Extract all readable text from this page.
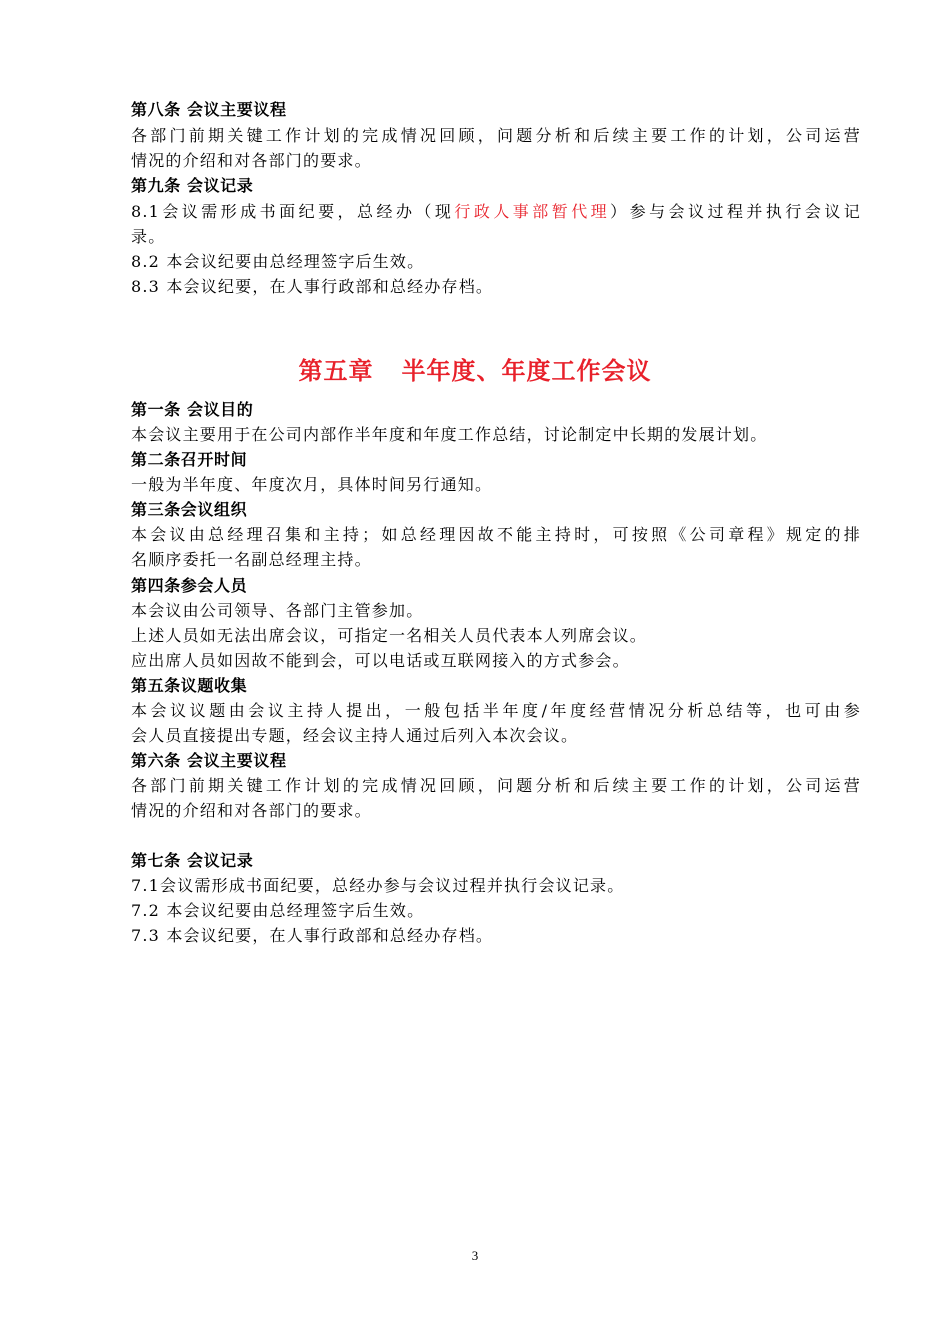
第八条 会议主要议程
各部门前期关键工作计划的完成情况回顾，问题分析和后续主要工作的计划，公司运营
情况的介绍和对各部门的要求。
第九条 会议记录
8.1会议需形成书面纪要，总经办（现行政人事部暂代理）参与会议过程并执行会议记
录。
8.2 本会议纪要由总经理签字后生效。
8.3 本会议纪要，在人事行政部和总经办存档。
第五章 半年度、年度工作会议
第一条 会议目的
本会议主要用于在公司内部作半年度和年度工作总结，讨论制定中长期的发展计划。
第二条召开时间
一般为半年度、年度次月，具体时间另行通知。
第三条会议组织
本会议由总经理召集和主持；如总经理因故不能主持时，可按照《公司章程》规定的排
名顺序委托一名副总经理主持。
第四条参会人员
本会议由公司领导、各部门主管参加。
上述人员如无法出席会议，可指定一名相关人员代表本人列席会议。
应出席人员如因故不能到会，可以电话或互联网接入的方式参会。
第五条议题收集
本会议议题由会议主持人提出，一般包括半年度/年度经营情况分析总结等，也可由参
会人员直接提出专题，经会议主持人通过后列入本次会议。
第六条 会议主要议程
各部门前期关键工作计划的完成情况回顾，问题分析和后续主要工作的计划，公司运营
情况的介绍和对各部门的要求。
第七条 会议记录
7.1会议需形成书面纪要，总经办参与会议过程并执行会议记录。
7.2 本会议纪要由总经理签字后生效。
7.3 本会议纪要，在人事行政部和总经办存档。
3
